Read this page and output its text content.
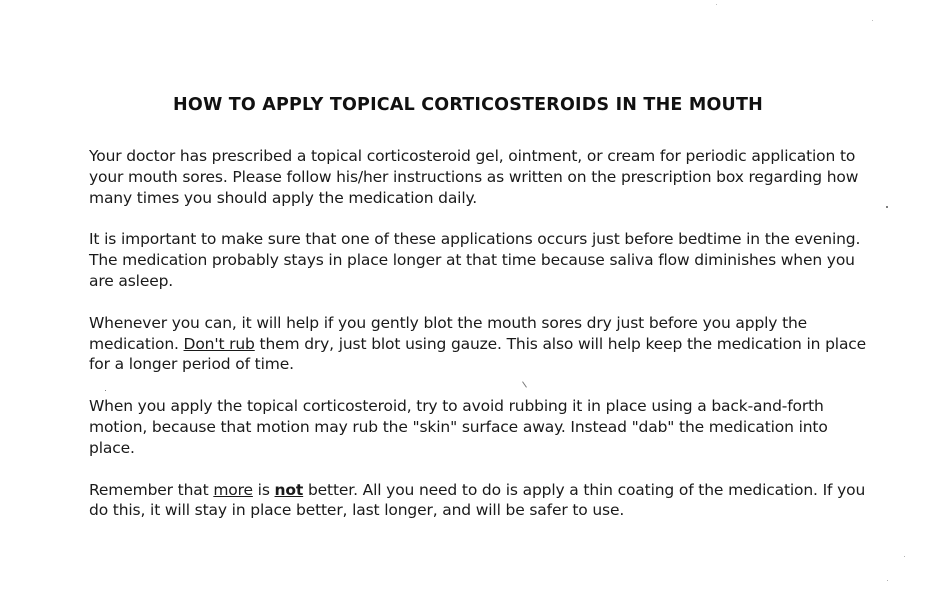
HOW TO APPLY TOPICAL CORTICOSTEROIDS IN THE MOUTH

Your doctor has prescribed a topical corticosteroid gel, ointment, or cream for periodic application to your mouth sores. Please follow his/her instructions as written on the prescription box regarding how many times you should apply the medication daily.

It is important to make sure that one of these applications occurs just before bedtime in the evening. The medication probably stays in place longer at that time because saliva flow diminishes when you are asleep.

Whenever you can, it will help if you gently blot the mouth sores dry just before you apply the medication. Don't rub them dry, just blot using gauze. This also will help keep the medication in place for a longer period of time.

When you apply the topical corticosteroid, try to avoid rubbing it in place using a back-and-forth motion, because that motion may rub the "skin" surface away. Instead "dab" the medication into place.

Remember that more is not better. All you need to do is apply a thin coating of the medication. If you do this, it will stay in place better, last longer, and will be safer to use.
